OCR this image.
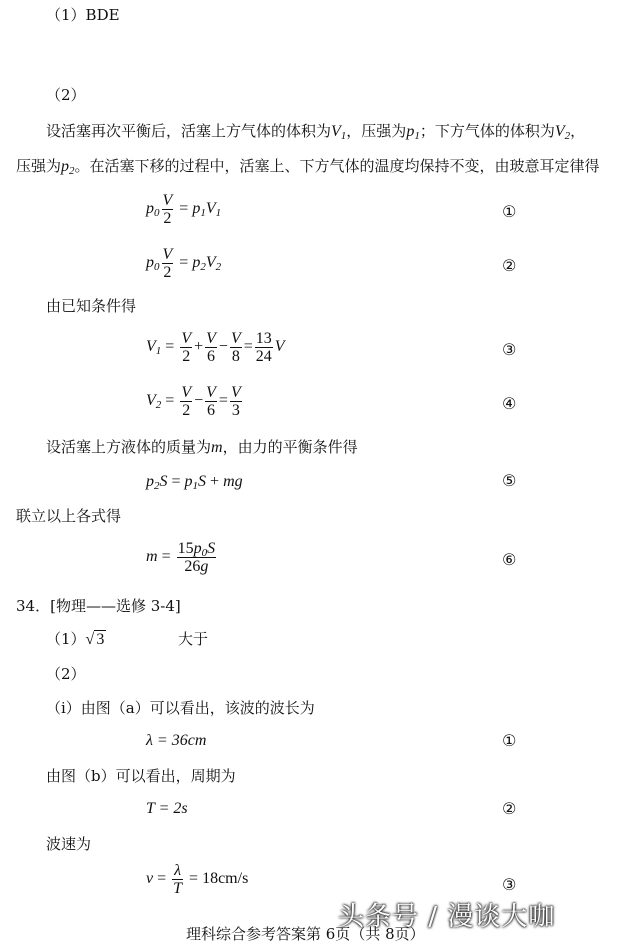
（1）BDE
（2）
设活塞再次平衡后，活塞上方气体的体积为$V_1$，压强为$p_1$；下方气体的体积为$V_2$，
压强为$p_2$。在活塞下移的过程中，活塞上、下方气体的温度均保持不变，由玻意耳定律得
$p_0 \frac{V}{2} = p_1V_1$	①
$p_0 \frac{V}{2} = p_2V_2$	②
由已知条件得
$V_1 = \frac{V}{2} + \frac{V}{6} - \frac{V}{8} = \frac{13}{24}$ V	③
$V_2 = \frac{V}{2} - \frac{V}{6} = \frac{V}{3}$	④
设活塞上方液体的质量为m，由力的平衡条件得
$p_2S = p_1S$ + mg	⑤
联立以上各式得
$m = \frac{15p_0S}{26g}$	⑥
34．[物理——选修 3-4]
（1）√ 3	大于
（2）
（i）由图（a）可以看出，该波的波长为
λ = 36cm	①
由图（b）可以看出，周期为
T = 2s	②
波速为
$v = \frac{\lambda}{T} = 18cm/s$	③
理科综合参考答案第 6页（共 8页）
头条号 / 漫谈大咖
